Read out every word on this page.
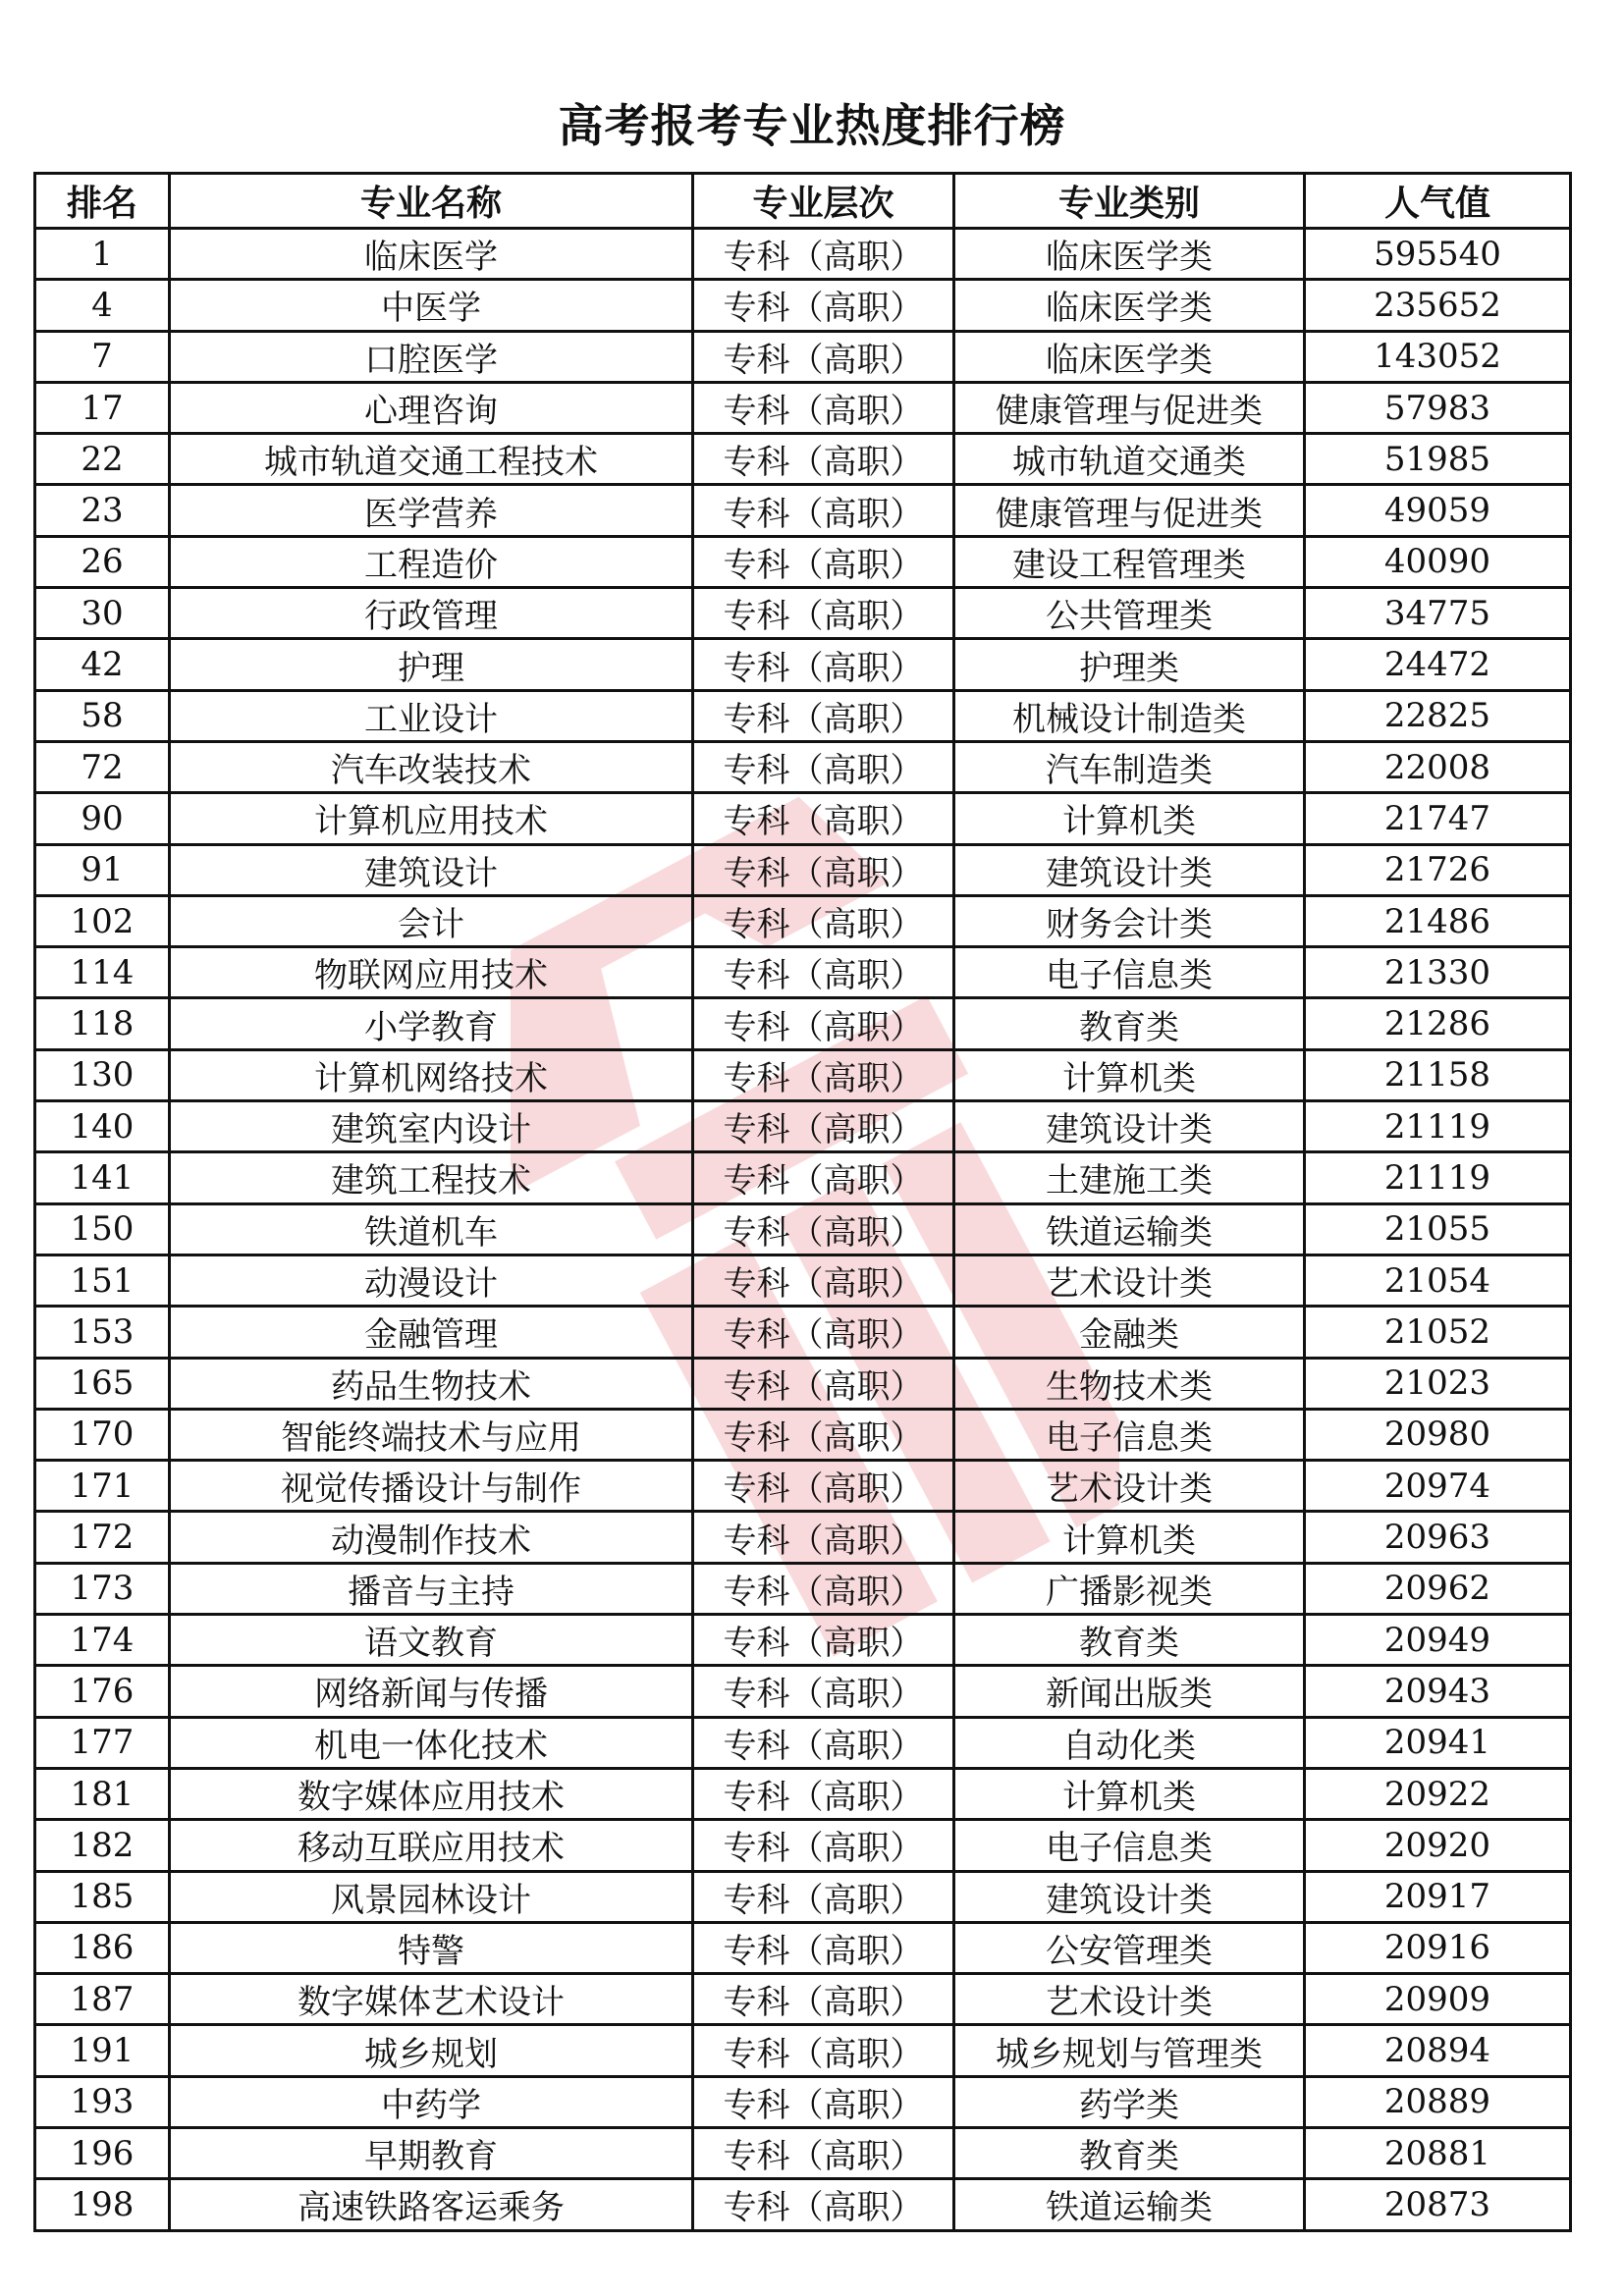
高考报考专业热度排行榜
排名	专业名称	专业层次	专业类别	人气值
1	临床医学	专科（高职）	临床医学类	595540
4	中医学	专科（高职）	临床医学类	235652
7	口腔医学	专科（高职）	临床医学类	143052
17	心理咨询	专科（高职）	健康管理与促进类	57983
22	城市轨道交通工程技术	专科（高职）	城市轨道交通类	51985
23	医学营养	专科（高职）	健康管理与促进类	49059
26	工程造价	专科（高职）	建设工程管理类	40090
30	行政管理	专科（高职）	公共管理类	34775
42	护理	专科（高职）	护理类	24472
58	工业设计	专科（高职）	机械设计制造类	22825
72	汽车改装技术	专科（高职）	汽车制造类	22008
90	计算机应用技术	专科（高职）	计算机类	21747
91	建筑设计	专科（高职）	建筑设计类	21726
102	会计	专科（高职）	财务会计类	21486
114	物联网应用技术	专科（高职）	电子信息类	21330
118	小学教育	专科（高职）	教育类	21286
130	计算机网络技术	专科（高职）	计算机类	21158
140	建筑室内设计	专科（高职）	建筑设计类	21119
141	建筑工程技术	专科（高职）	土建施工类	21119
150	铁道机车	专科（高职）	铁道运输类	21055
151	动漫设计	专科（高职）	艺术设计类	21054
153	金融管理	专科（高职）	金融类	21052
165	药品生物技术	专科（高职）	生物技术类	21023
170	智能终端技术与应用	专科（高职）	电子信息类	20980
171	视觉传播设计与制作	专科（高职）	艺术设计类	20974
172	动漫制作技术	专科（高职）	计算机类	20963
173	播音与主持	专科（高职）	广播影视类	20962
174	语文教育	专科（高职）	教育类	20949
176	网络新闻与传播	专科（高职）	新闻出版类	20943
177	机电一体化技术	专科（高职）	自动化类	20941
181	数字媒体应用技术	专科（高职）	计算机类	20922
182	移动互联应用技术	专科（高职）	电子信息类	20920
185	风景园林设计	专科（高职）	建筑设计类	20917
186	特警	专科（高职）	公安管理类	20916
187	数字媒体艺术设计	专科（高职）	艺术设计类	20909
191	城乡规划	专科（高职）	城乡规划与管理类	20894
193	中药学	专科（高职）	药学类	20889
196	早期教育	专科（高职）	教育类	20881
198	高速铁路客运乘务	专科（高职）	铁道运输类	20873
